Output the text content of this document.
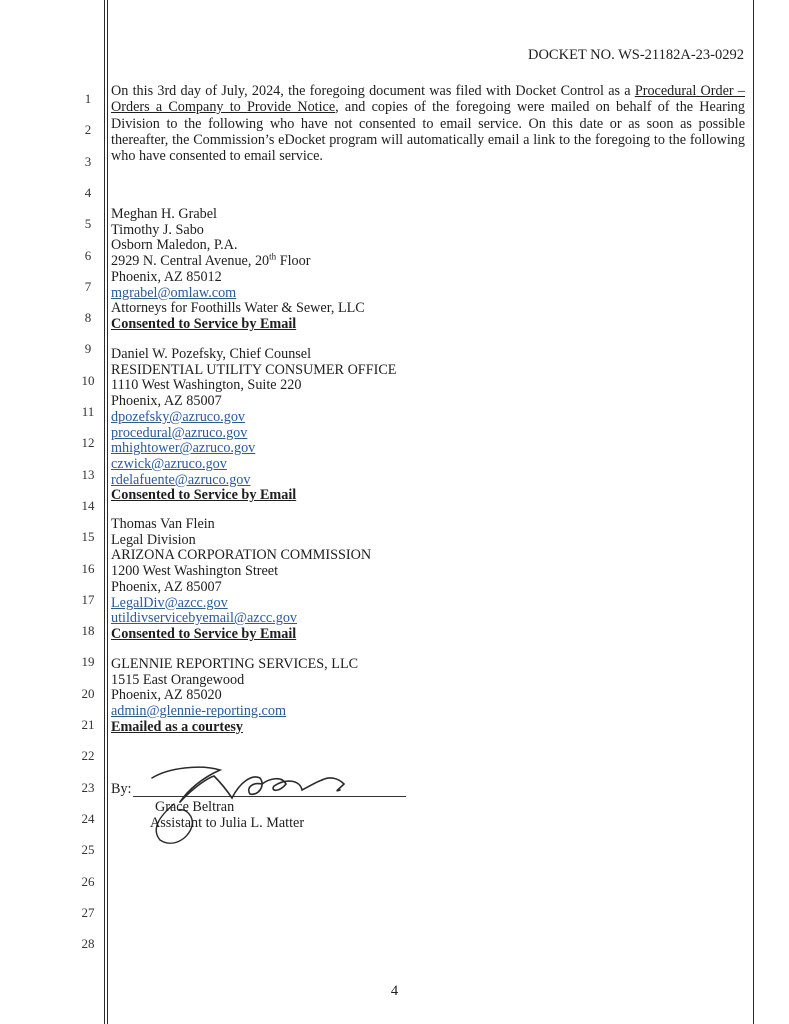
DOCKET NO. WS-21182A-23-0292
1
2
3
4
5
6
7
8
9
10
11
12
13
14
15
16
17
18
19
20
21
22
23
24
25
26
27
28
On this 3rd day of July, 2024, the foregoing document was filed with Docket Control as a Procedural Order – Orders a Company to Provide Notice, and copies of the foregoing were mailed on behalf of the Hearing Division to the following who have not consented to email service. On this date or as soon as possible thereafter, the Commission’s eDocket program will automatically email a link to the foregoing to the following who have consented to email service.
Meghan H. Grabel
Timothy J. Sabo
Osborn Maledon, P.A.
2929 N. Central Avenue, 20th Floor
Phoenix, AZ 85012
mgrabel@omlaw.com
Attorneys for Foothills Water & Sewer, LLC
Consented to Service by Email
Daniel W. Pozefsky, Chief Counsel
RESIDENTIAL UTILITY CONSUMER OFFICE
1110 West Washington, Suite 220
Phoenix, AZ 85007
dpozefsky@azruco.gov
procedural@azruco.gov
mhightower@azruco.gov
czwick@azruco.gov
rdelafuente@azruco.gov
Consented to Service by Email
Thomas Van Flein
Legal Division
ARIZONA CORPORATION COMMISSION
1200 West Washington Street
Phoenix, AZ 85007
LegalDiv@azcc.gov
utildivservicebyemail@azcc.gov
Consented to Service by Email
GLENNIE REPORTING SERVICES, LLC
1515 East Orangewood
Phoenix, AZ 85020
admin@glennie-reporting.com
Emailed as a courtesy
By:
Grace Beltran
Assistant to Julia L. Matter
4
